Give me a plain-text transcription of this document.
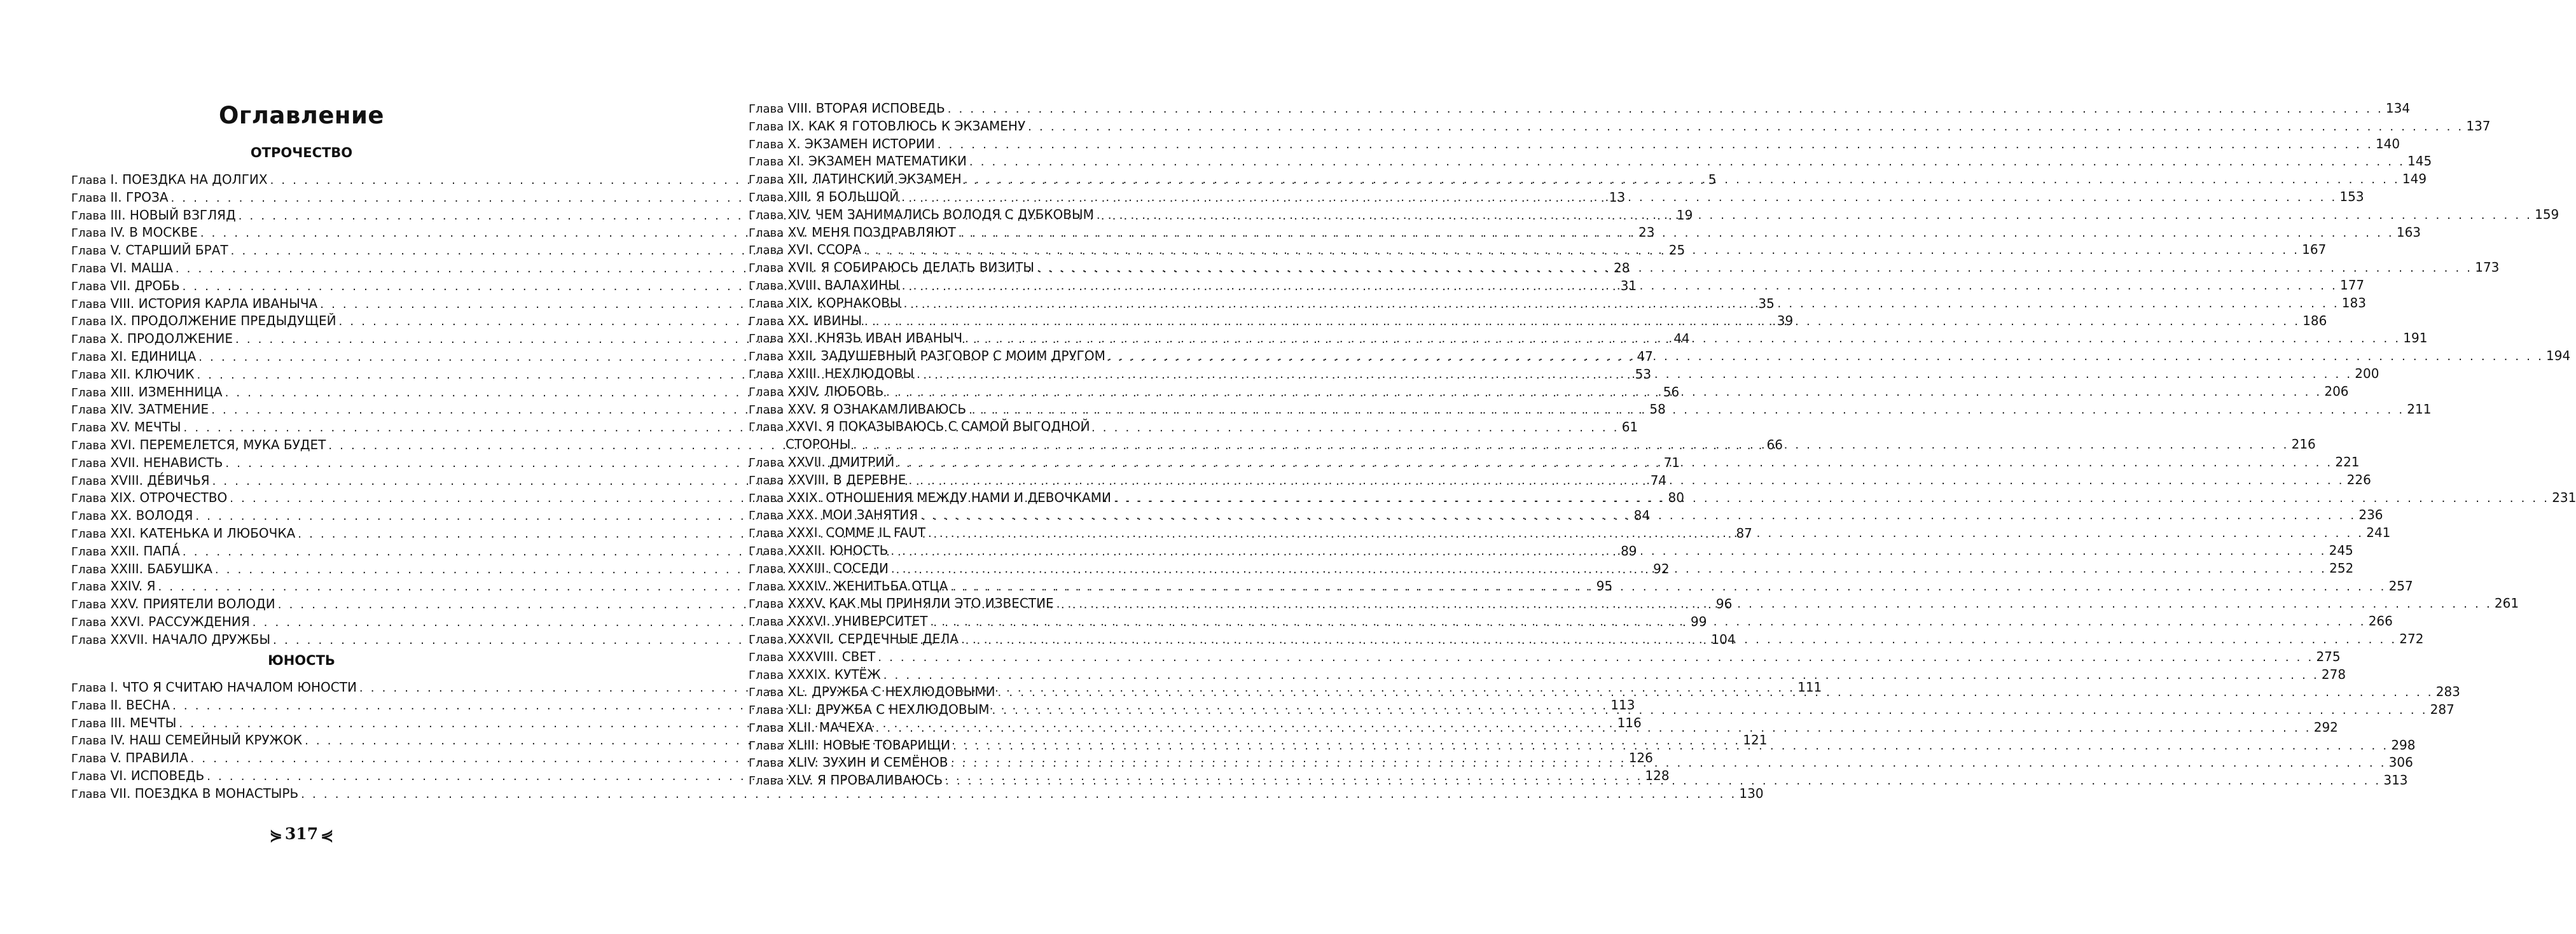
Оглавление
ОТРОЧЕСТВО
Глава I. ПОЕЗДКА НА ДОЛГИХ . . .	5
Глава II. ГРОЗА . . .	13
Глава III. НОВЫЙ ВЗГЛЯД . . .	19
Глава IV. В МОСКВЕ . . .	23
Глава V. СТАРШИЙ БРАТ . . .	25
Глава VI. МАША . . .	28
Глава VII. ДРОБЬ . . .	31
Глава VIII. ИСТОРИЯ КАРЛА ИВАНЫЧА . . .	35
Глава IX. ПРОДОЛЖЕНИЕ ПРЕДЫДУЩЕЙ . . .	39
Глава X. ПРОДОЛЖЕНИЕ . . .	44
Глава XI. ЕДИНИЦА . . .	47
Глава XII. КЛЮЧИК . . .	53
Глава XIII. ИЗМЕННИЦА . . .	56
Глава XIV. ЗАТМЕНИЕ . . .	58
Глава XV. МЕЧТЫ . . .	61
Глава XVI. ПЕРЕМЕЛЕТСЯ, МУКА БУДЕТ . . .	66
Глава XVII. НЕНАВИСТЬ . . .	71
Глава XVIII. ДЕ́ВИЧЬЯ . . .	74
Глава XIX. ОТРОЧЕСТВО . . .	80
Глава XX. ВОЛОДЯ . . .	84
Глава XXI. КАТЕНЬКА И ЛЮБОЧКА . . .	87
Глава XXII. ПАПА́ . . .	89
Глава XXIII. БАБУШКА . . .	92
Глава XXIV. Я . . .	95
Глава XXV. ПРИЯТЕЛИ ВОЛОДИ . . .	96
Глава XXVI. РАССУЖДЕНИЯ . . .	99
Глава XXVII. НАЧАЛО ДРУЖБЫ . . .	104
ЮНОСТЬ
Глава I. ЧТО Я СЧИТАЮ НАЧАЛОМ ЮНОСТИ . . .	111
Глава II. ВЕСНА . . .	113
Глава III. МЕЧТЫ . . .	116
Глава IV. НАШ СЕМЕЙНЫЙ КРУЖОК . . .	121
Глава V. ПРАВИЛА . . .	126
Глава VI. ИСПОВЕДЬ . . .	128
Глава VII. ПОЕЗДКА В МОНАСТЫРЬ . . .	130
⋟ 317 ⋞
Глава VIII. ВТОРАЯ ИСПОВЕДЬ . . .	134
Глава IX. КАК Я ГОТОВЛЮСЬ К ЭКЗАМЕНУ . . .	137
Глава X. ЭКЗАМЕН ИСТОРИИ . . .	140
Глава XI. ЭКЗАМЕН МАТЕМАТИКИ . . .	145
Глава XII. ЛАТИНСКИЙ ЭКЗАМЕН . . .	149
Глава XIII. Я БОЛЬШОЙ . . .	153
Глава XIV. ЧЕМ ЗАНИМАЛИСЬ ВОЛОДЯ С ДУБКОВЫМ . . .	159
Глава XV. МЕНЯ ПОЗДРАВЛЯЮТ . . .	163
Глава XVI. ССОРА . . .	167
Глава XVII. Я СОБИРАЮСЬ ДЕЛАТЬ ВИЗИТЫ . . .	173
Глава XVIII. ВАЛАХИНЫ . . .	177
Глава XIX. КОРНАКОВЫ . . .	183
Глава XX. ИВИНЫ . . .	186
Глава XXI. КНЯЗЬ ИВАН ИВАНЫЧ . . .	191
Глава XXII. ЗАДУШЕВНЫЙ РАЗГОВОР С МОИМ ДРУГОМ . . .	194
Глава XXIII. НЕХЛЮДОВЫ . . .	200
Глава XXIV. ЛЮБОВЬ . . .	206
Глава XXV. Я ОЗНАКАМЛИВАЮСЬ . . .	211
Глава XXVI. Я ПОКАЗЫВАЮСЬ С САМОЙ ВЫГОДНОЙ
СТОРОНЫ . . .	216
Глава XXVII. ДМИТРИЙ . . .	221
Глава XXVIII. В ДЕРЕВНЕ . . .	226
Глава XXIX. ОТНОШЕНИЯ МЕЖДУ НАМИ И ДЕВОЧКАМИ . . .	231
Глава XXX. МОИ ЗАНЯТИЯ . . .	236
Глава XXXI. COMME IL FAUT . . .	241
Глава XXXII. ЮНОСТЬ . . .	245
Глава XXXIII. СОСЕДИ . . .	252
Глава XXXIV. ЖЕНИТЬБА ОТЦА . . .	257
Глава XXXV. КАК МЫ ПРИНЯЛИ ЭТО ИЗВЕСТИЕ . . .	261
Глава XXXVI. УНИВЕРСИТЕТ . . .	266
Глава XXXVII. СЕРДЕЧНЫЕ ДЕЛА . . .	272
Глава XXXVIII. СВЕТ . . .	275
Глава XXXIX. КУТЁЖ . . .	278
Глава XL. ДРУЖБА С НЕХЛЮДОВЫМИ . . .	283
Глава XLI. ДРУЖБА С НЕХЛЮДОВЫМ . . .	287
Глава XLII. МАЧЕХА . . .	292
Глава XLIII. НОВЫЕ ТОВАРИЩИ . . .	298
Глава XLIV. ЗУХИН И СЕМЁНОВ . . .	306
Глава XLV. Я ПРОВАЛИВАЮСЬ . . .	313
